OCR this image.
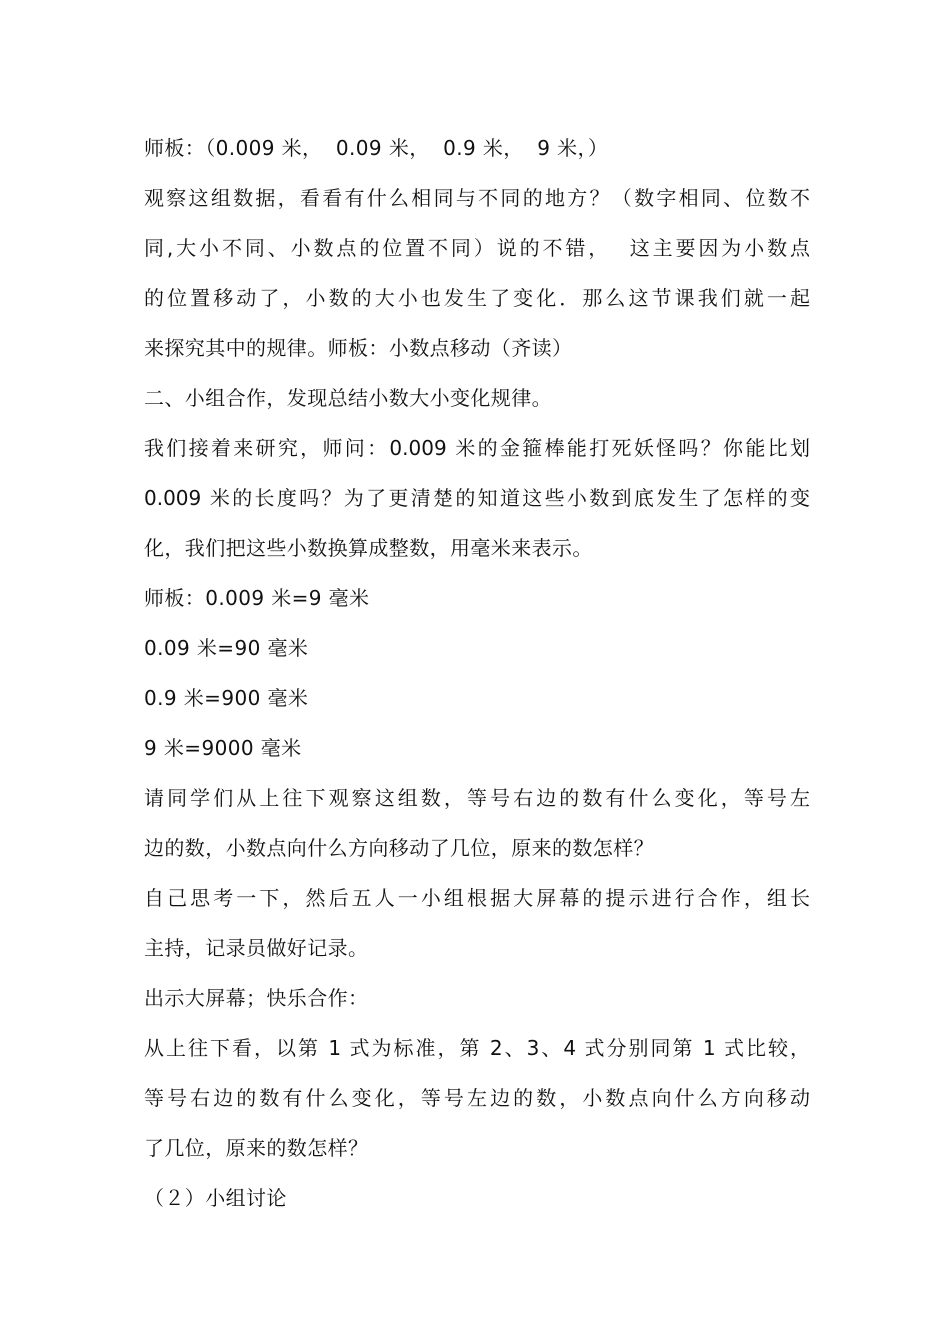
师板：（0.009 米，  0.09 米，  0.9 米，  9 米，）
观察这组数据，看看有什么相同与不同的地方？（数字相同、位数不
同,大小不同、小数点的位置不同）说的不错，  这主要因为小数点
的位置移动了，小数的大小也发生了变化．那么这节课我们就一起
来探究其中的规律。师板：小数点移动（齐读）
二、小组合作，发现总结小数大小变化规律。
我们接着来研究，师问：0.009 米的金箍棒能打死妖怪吗？你能比划
0.009 米的长度吗？为了更清楚的知道这些小数到底发生了怎样的变
化，我们把这些小数换算成整数，用毫米来表示。
师板：0.009 米=9 毫米
0.09 米=90 毫米
0.9 米=900 毫米
9 米=9000 毫米
请同学们从上往下观察这组数，等号右边的数有什么变化，等号左
边的数，小数点向什么方向移动了几位，原来的数怎样？
自己思考一下，然后五人一小组根据大屏幕的提示进行合作，组长
主持，记录员做好记录。
出示大屏幕；快乐合作：
从上往下看，以第 1 式为标准，第 2、3、4 式分别同第 1 式比较，
等号右边的数有什么变化，等号左边的数，小数点向什么方向移动
了几位，原来的数怎样？
（２）小组讨论
